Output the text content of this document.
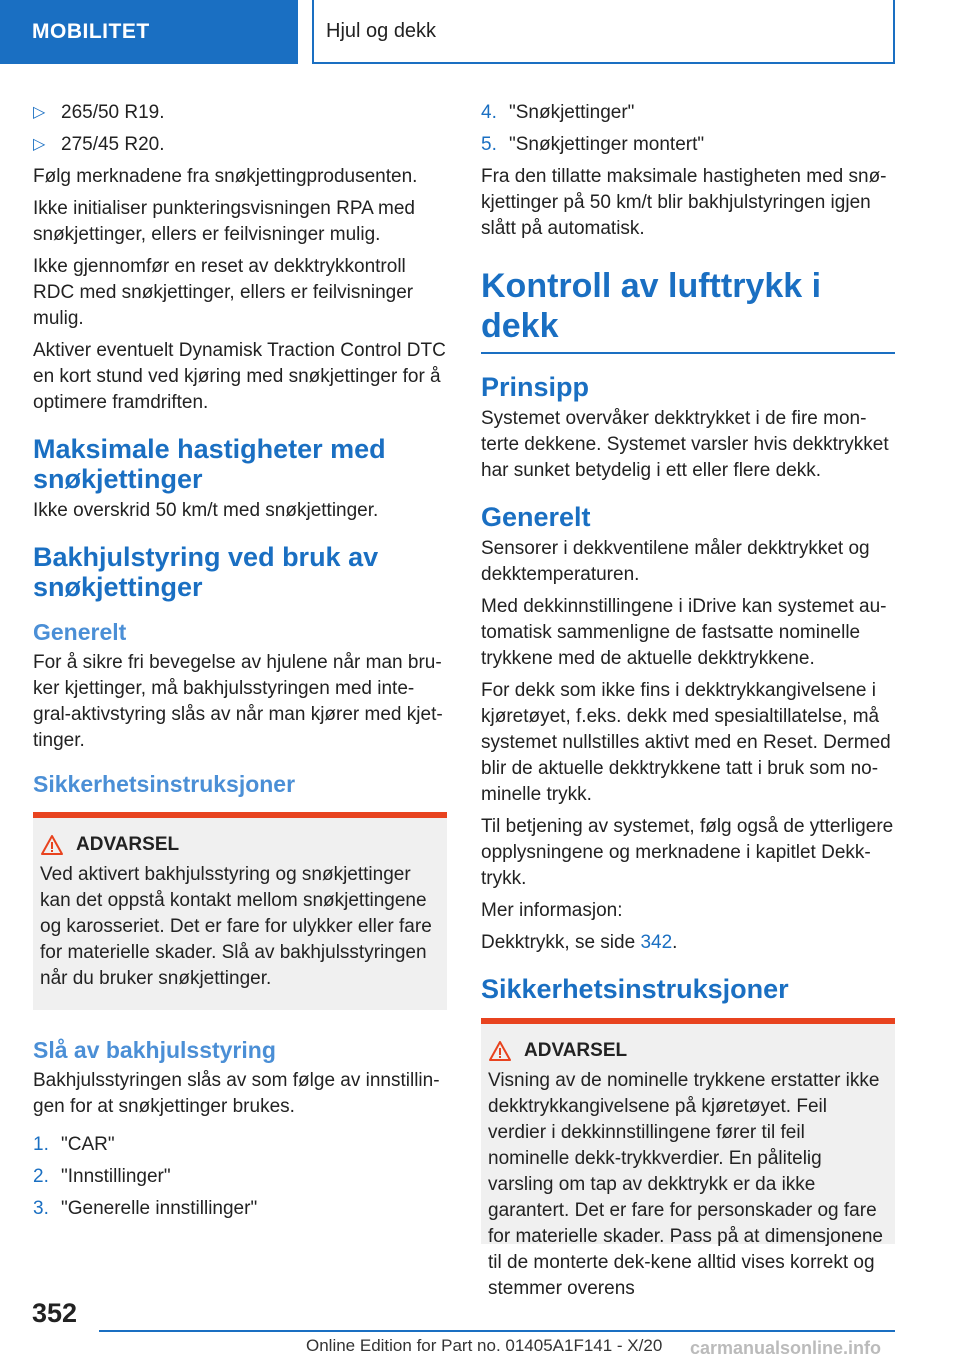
MOBILITET	Hjul og dekk
▷ 265/50 R19.
▷ 275/45 R20.

Følg merknadene fra snøkjettingprodusenten.

Ikke initialiser punkteringsvisningen RPA med snøkjettinger, ellers er feilvisninger mulig.

Ikke gjennomfør en reset av dekktrykkontroll RDC med snøkjettinger, ellers er feilvisninger mulig.

Aktiver eventuelt Dynamisk Traction Control DTC en kort stund ved kjøring med snøkjettinger for å optimere framdriften.

Maksimale hastigheter med snøkjettinger

Ikke overskrid 50 km/t med snøkjettinger.

Bakhjulstyring ved bruk av snøkjettinger
Generelt

For å sikre fri bevegelse av hjulene når man bru-ker kjettinger, må bakhjulsstyringen med inte-gral-aktivstyring slås av når man kjører med kjet-tinger.

Sikkerhetsinstruksjoner
ADVARSEL
Ved aktivert bakhjulsstyring og snøkjettinger kan det oppstå kontakt mellom snøkjettingene og karosseriet. Det er fare for ulykker eller fare for materielle skader. Slå av bakhjulsstyringen når du bruker snøkjettinger.
Slå av bakhjulsstyring

Bakhjulsstyringen slås av som følge av innstillin-gen for at snøkjettinger brukes.

1. "CAR"
2. "Innstillinger"
3. "Generelle innstillinger"
4. "Snøkjettinger"
5. "Snøkjettinger montert"

Fra den tillatte maksimale hastigheten med snø-kjettinger på 50 km/t blir bakhjulstyringen igjen slått på automatisk.

Kontroll av lufttrykk i dekk
Prinsipp

Systemet overvåker dekktrykket i de fire mon-terte dekkene. Systemet varsler hvis dekktrykket har sunket betydelig i ett eller flere dekk.

Generelt

Sensorer i dekkventilene måler dekktrykket og dekktemperaturen.

Med dekkinnstillingene i iDrive kan systemet au-tomatisk sammenligne de fastsatte nominelle trykkene med de aktuelle dekktrykkene.

For dekk som ikke fins i dekktrykkangivelsene i kjøretøyet, f.eks. dekk med spesialtillatelse, må systemet nullstilles aktivt med en Reset. Dermed blir de aktuelle dekktrykkene tatt i bruk som no-minelle trykk.

Til betjening av systemet, følg også de ytterligere opplysningene og merknadene i kapitlet Dekk-trykk.

Mer informasjon:

Dekktrykk, se side 342.

Sikkerhetsinstruksjoner
ADVARSEL
Visning av de nominelle trykkene erstatter ikke dekktrykkangivelsene på kjøretøyet. Feil verdier i dekkinnstillingene fører til feil nominelle dekk-trykkverdier. En pålitelig varsling om tap av dekktrykk er da ikke garantert. Det er fare for personskader og fare for materielle skader. Pass på at dimensjonene til de monterte dek-kene alltid vises korrekt og stemmer overens
352
Online Edition for Part no. 01405A1F141 - X/20 carmanualsonline.info
